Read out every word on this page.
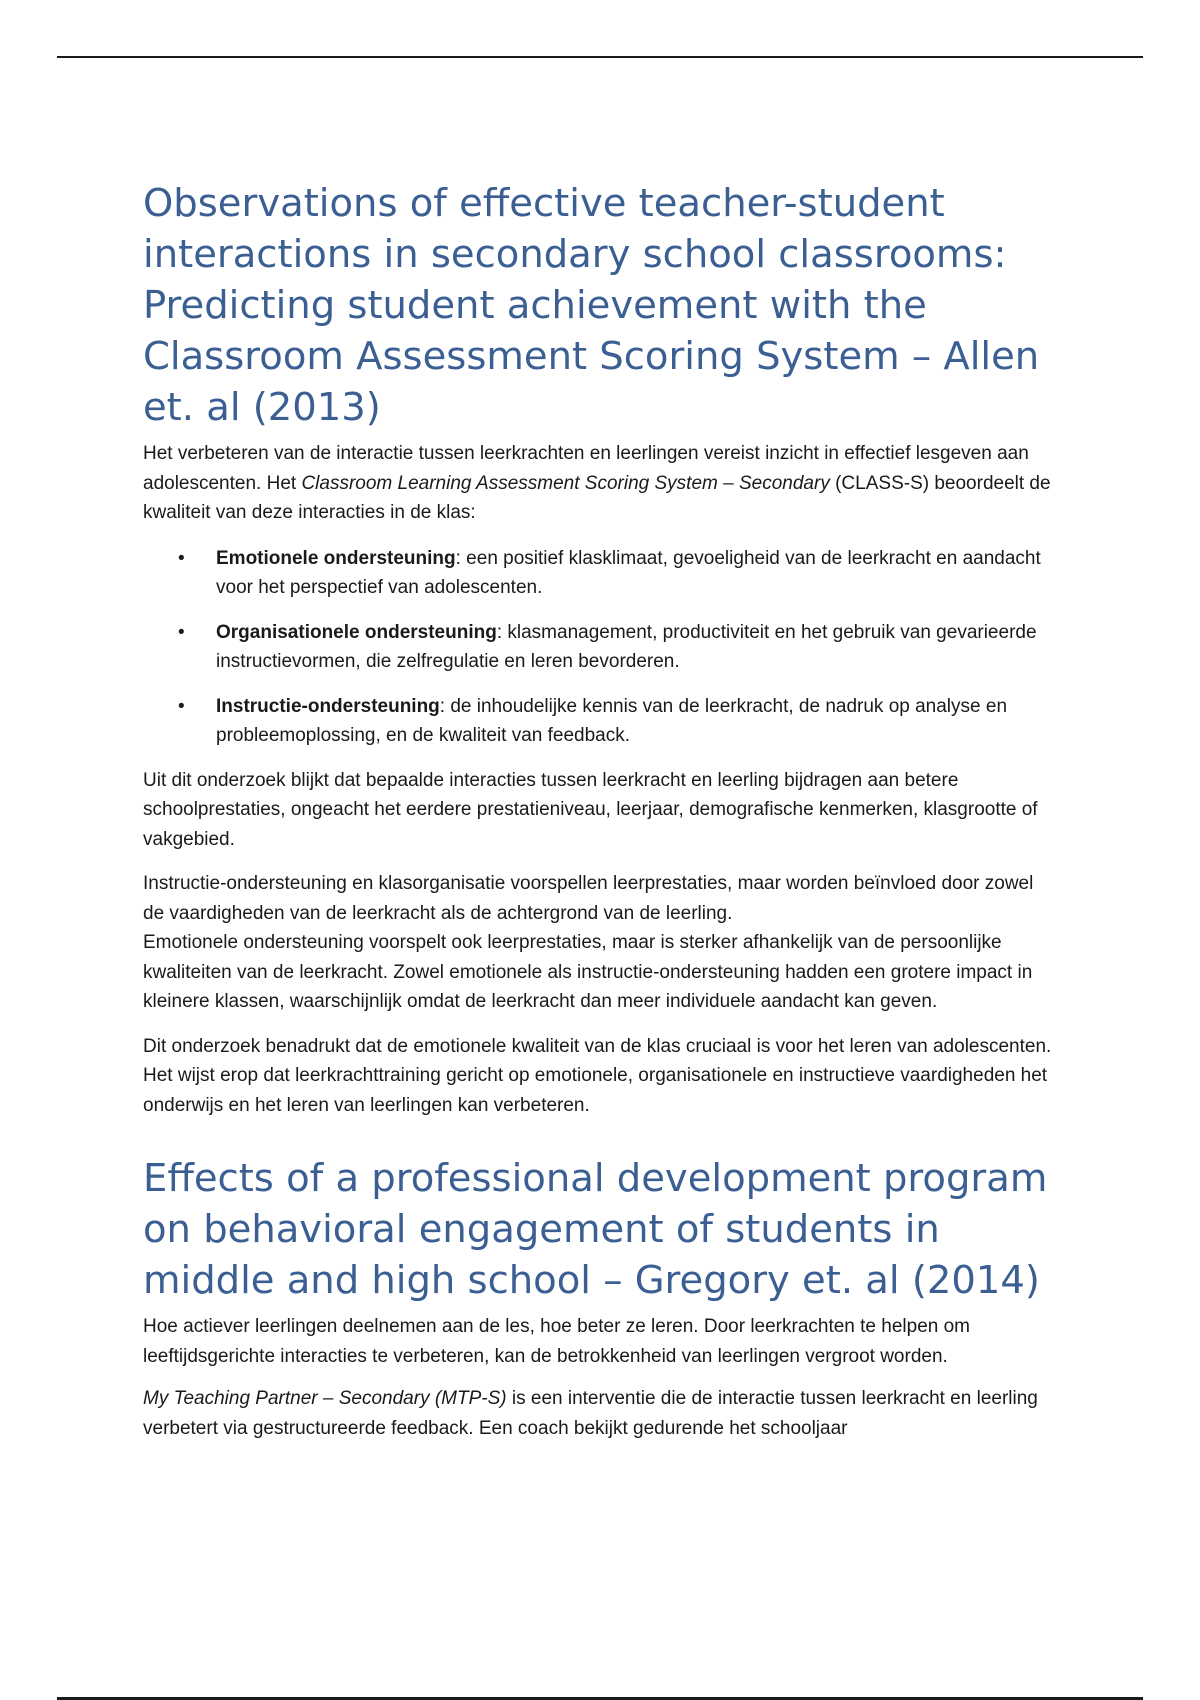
Observations of effective teacher-student interactions in secondary school classrooms: Predicting student achievement with the Classroom Assessment Scoring System – Allen et. al (2013)

Het verbeteren van de interactie tussen leerkrachten en leerlingen vereist inzicht in effectief lesgeven aan adolescenten. Het Classroom Learning Assessment Scoring System – Secondary (CLASS-S) beoordeelt de kwaliteit van deze interacties in de klas:

• Emotionele ondersteuning: een positief klasklimaat, gevoeligheid van de leerkracht en aandacht voor het perspectief van adolescenten.
• Organisationele ondersteuning: klasmanagement, productiviteit en het gebruik van gevarieerde instructievormen, die zelfregulatie en leren bevorderen.
• Instructie-ondersteuning: de inhoudelijke kennis van de leerkracht, de nadruk op analyse en probleemoplossing, en de kwaliteit van feedback.

Uit dit onderzoek blijkt dat bepaalde interacties tussen leerkracht en leerling bijdragen aan betere schoolprestaties, ongeacht het eerdere prestatieniveau, leerjaar, demografische kenmerken, klasgrootte of vakgebied.

Instructie-ondersteuning en klasorganisatie voorspellen leerprestaties, maar worden beïnvloed door zowel de vaardigheden van de leerkracht als de achtergrond van de leerling.

Emotionele ondersteuning voorspelt ook leerprestaties, maar is sterker afhankelijk van de persoonlijke kwaliteiten van de leerkracht. Zowel emotionele als instructie-ondersteuning hadden een grotere impact in kleinere klassen, waarschijnlijk omdat de leerkracht dan meer individuele aandacht kan geven.

Dit onderzoek benadrukt dat de emotionele kwaliteit van de klas cruciaal is voor het leren van adolescenten. Het wijst erop dat leerkrachttraining gericht op emotionele, organisationele en instructieve vaardigheden het onderwijs en het leren van leerlingen kan verbeteren.

Effects of a professional development program on behavioral engagement of students in middle and high school – Gregory et. al (2014)

Hoe actiever leerlingen deelnemen aan de les, hoe beter ze leren. Door leerkrachten te helpen om leeftijdsgerichte interacties te verbeteren, kan de betrokkenheid van leerlingen vergroot worden.

My Teaching Partner – Secondary (MTP-S) is een interventie die de interactie tussen leerkracht en leerling verbetert via gestructureerde feedback. Een coach bekijkt gedurende het schooljaar
